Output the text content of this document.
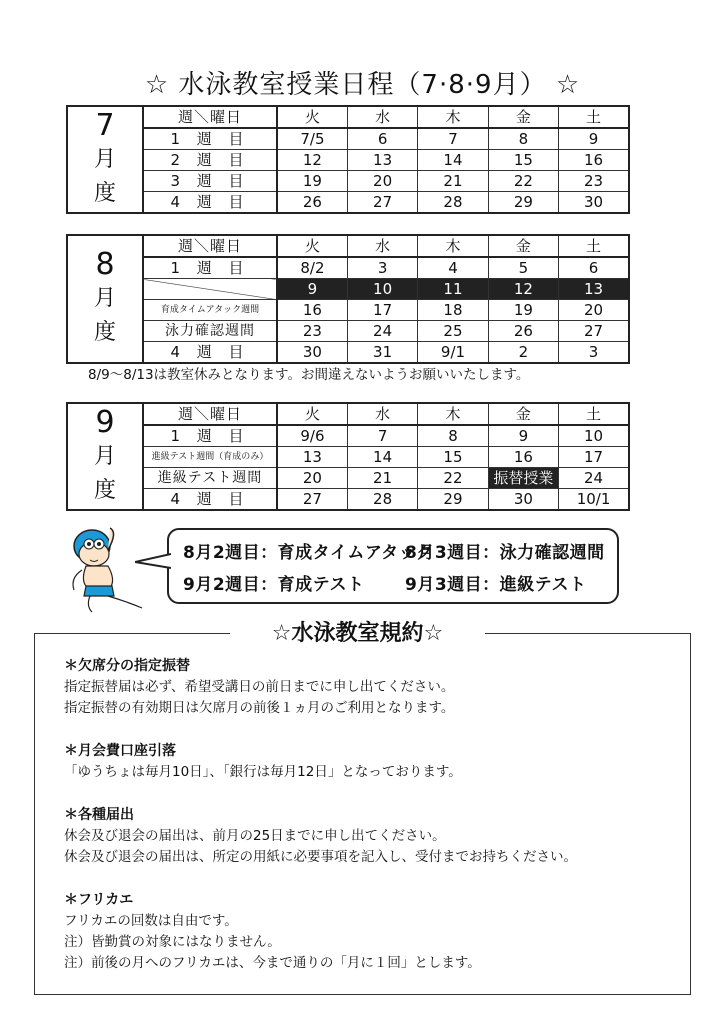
☆ 水泳教室授業日程（7·8·9月） ☆
7
月
度	週＼曜日	火	水	木	金	土
	1 週 目	7/5	6	7	8	9
	2 週 目	12	13	14	15	16
	3 週 目	19	20	21	22	23
	4 週 目	26	27	28	29	30
8
月
度	週＼曜日	火	水	木	金	土
	1 週 目	8/2	3	4	5	6
		9	10	11	12	13
	育成タイムアタック週間	16	17	18	19	20
	泳力確認週間	23	24	25	26	27
	4 週 目	30	31	9/1	2	3
8/9～8/13は教室休みとなります。お間違えないようお願いいたします。
9
月
度	週＼曜日	火	水	木	金	土
	1 週 目	9/6	7	8	9	10
	進級テスト週間（育成のみ）	13	14	15	16	17
	進級テスト週間	20	21	22	振替授業	24
	4 週 目	27	28	29	30	10/1
8月2週目：育成タイムアタック
8月3週目：泳力確認週間
9月2週目：育成テスト 9月3週目：進級テスト
☆水泳教室規約☆
＊欠席分の指定振替
指定振替届は必ず、希望受講日の前日までに申し出てください。
指定振替の有効期日は欠席月の前後１ヵ月のご利用となります。
＊月会費口座引落
「ゆうちょは毎月10日」、「銀行は毎月12日」となっております。
＊各種届出
休会及び退会の届出は、前月の25日までに申し出てください。
休会及び退会の届出は、所定の用紙に必要事項を記入し、受付までお持ちください。
＊フリカエ
フリカエの回数は自由です。
注）皆勤賞の対象にはなりません。
注）前後の月へのフリカエは、今まで通りの「月に１回」とします。
